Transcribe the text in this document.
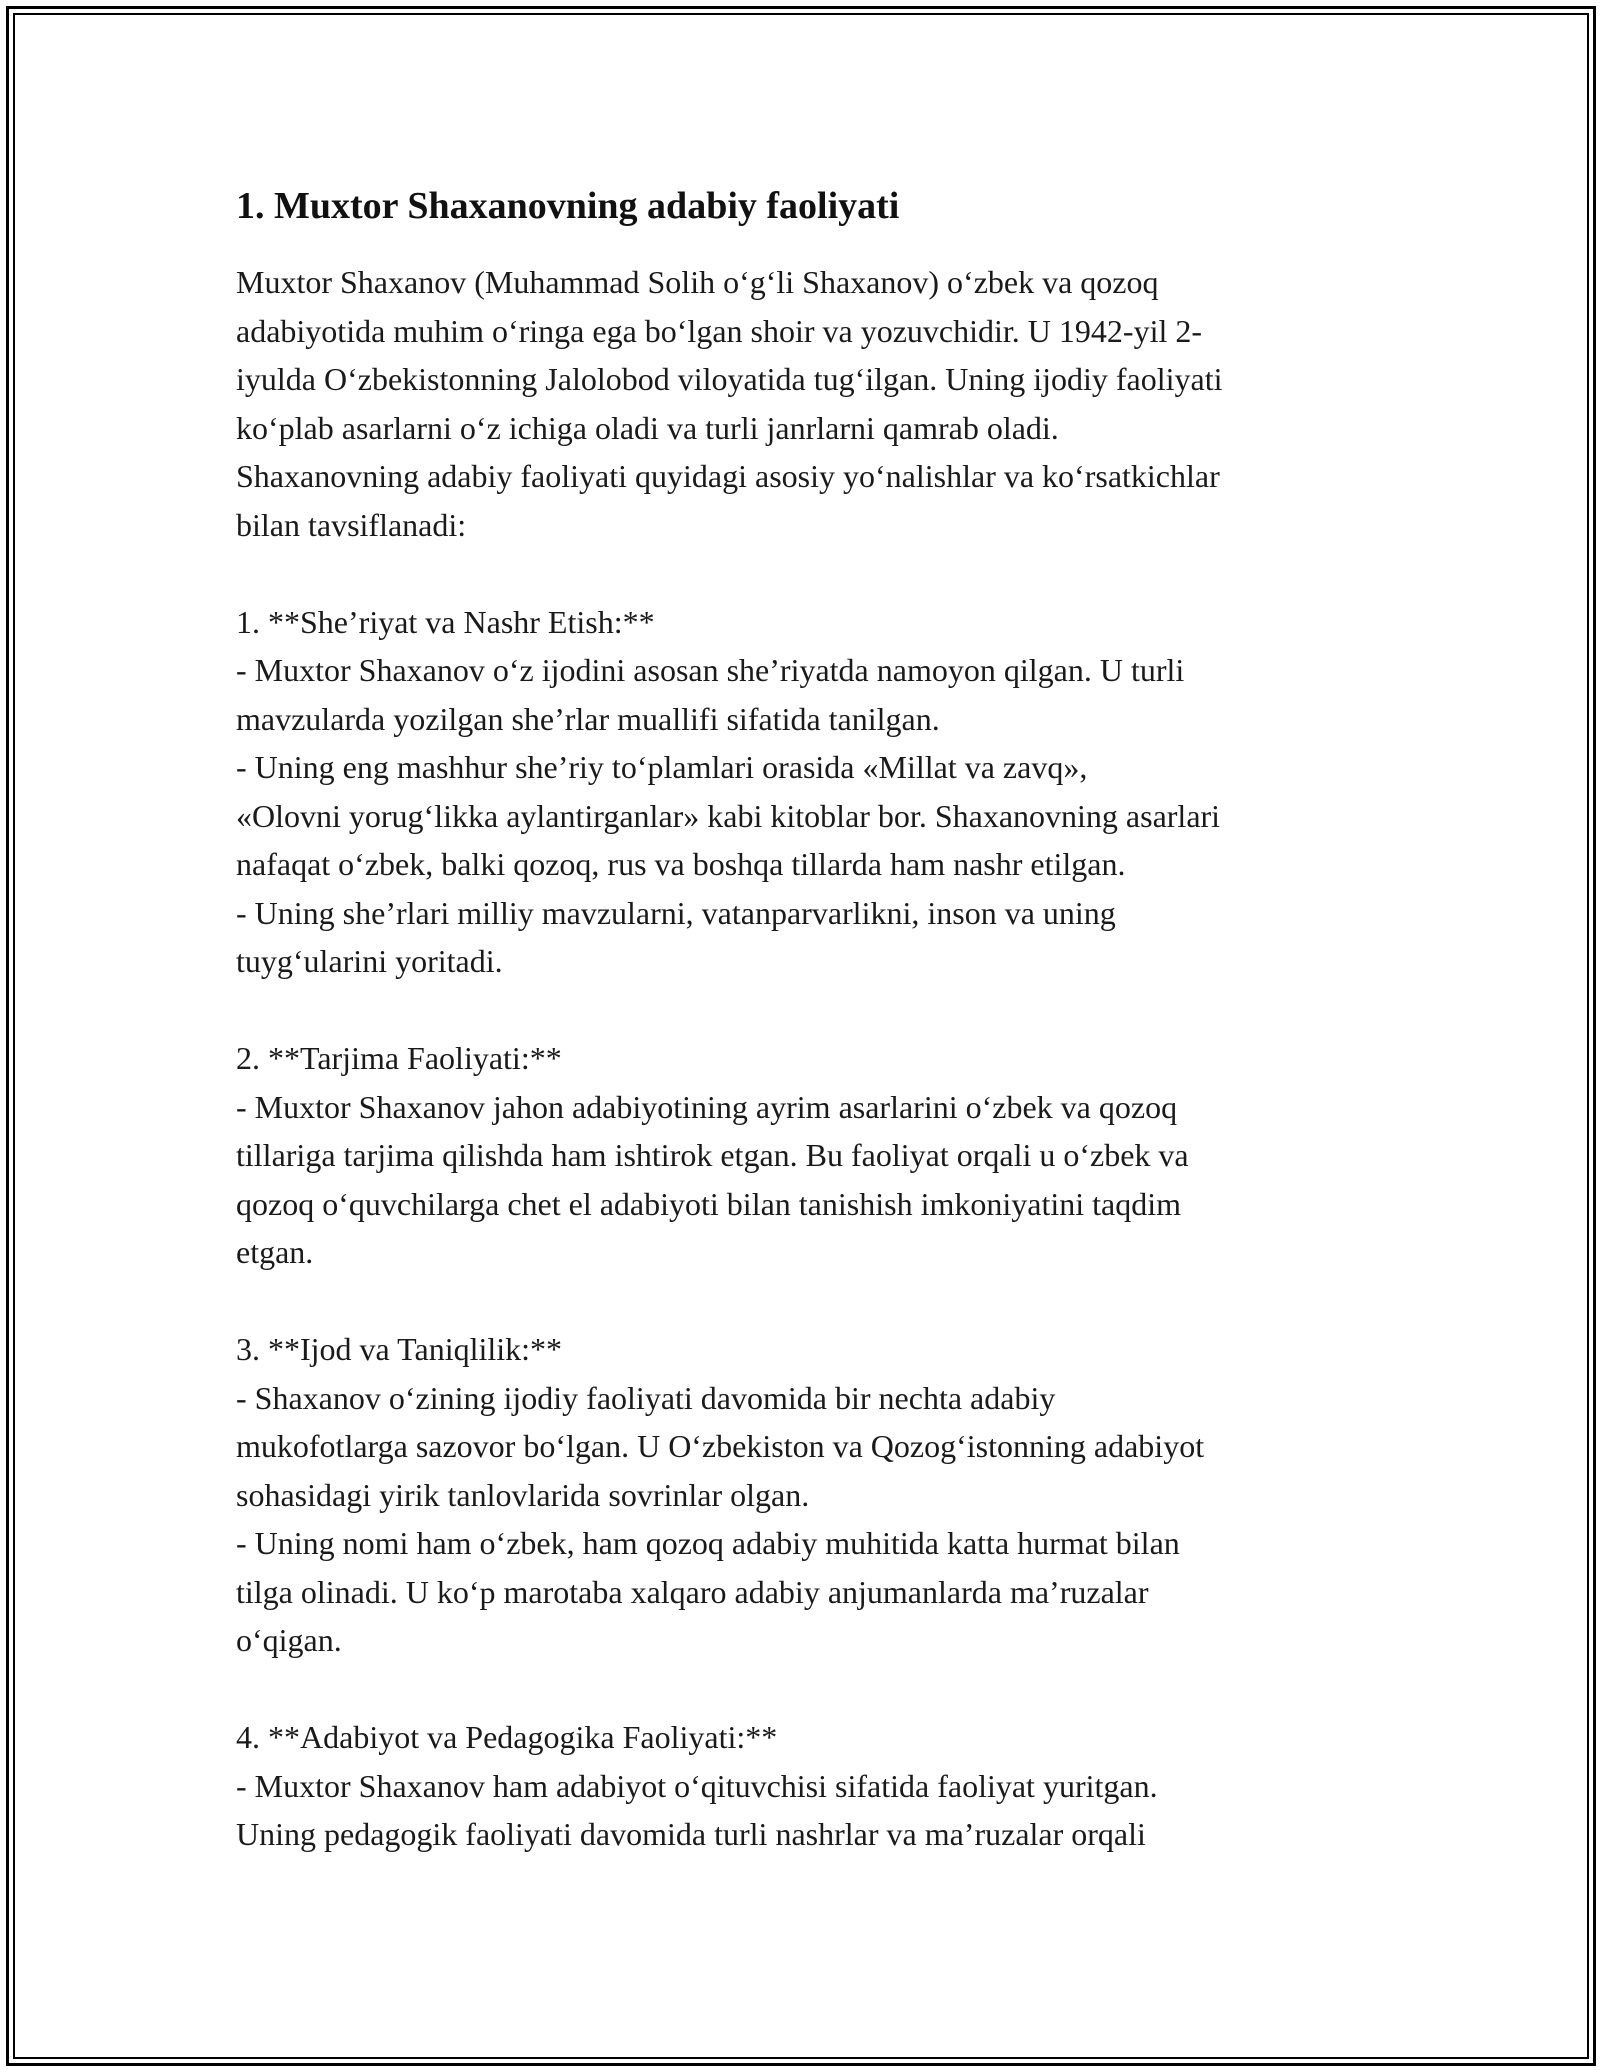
1. Muxtor Shaxanovning adabiy faoliyati

Muxtor Shaxanov (Muhammad Solih oʻgʻli Shaxanov) oʻzbek va qozoq
adabiyotida muhim oʻringa ega boʻlgan shoir va yozuvchidir. U 1942-yil 2-
iyulda Oʻzbekistonning Jalolobod viloyatida tugʻilgan. Uning ijodiy faoliyati
koʻplab asarlarni oʻz ichiga oladi va turli janrlarni qamrab oladi.
Shaxanovning adabiy faoliyati quyidagi asosiy yoʻnalishlar va koʻrsatkichlar
bilan tavsiflanadi:

1. **She’riyat va Nashr Etish:**
- Muxtor Shaxanov oʻz ijodini asosan she’riyatda namoyon qilgan. U turli
mavzularda yozilgan she’rlar muallifi sifatida tanilgan.
- Uning eng mashhur she’riy toʻplamlari orasida «Millat va zavq»,
«Olovni yorugʻlikka aylantirganlar» kabi kitoblar bor. Shaxanovning asarlari
nafaqat oʻzbek, balki qozoq, rus va boshqa tillarda ham nashr etilgan.
- Uning she’rlari milliy mavzularni, vatanparvarlikni, inson va uning
tuygʻularini yoritadi.

2. **Tarjima Faoliyati:**
- Muxtor Shaxanov jahon adabiyotining ayrim asarlarini oʻzbek va qozoq
tillariga tarjima qilishda ham ishtirok etgan. Bu faoliyat orqali u oʻzbek va
qozoq oʻquvchilarga chet el adabiyoti bilan tanishish imkoniyatini taqdim
etgan.

3. **Ijod va Taniqlilik:**
- Shaxanov oʻzining ijodiy faoliyati davomida bir nechta adabiy
mukofotlarga sazovor boʻlgan. U Oʻzbekiston va Qozogʻistonning adabiyot
sohasidagi yirik tanlovlarida sovrinlar olgan.
- Uning nomi ham oʻzbek, ham qozoq adabiy muhitida katta hurmat bilan
tilga olinadi. U koʻp marotaba xalqaro adabiy anjumanlarda ma’ruzalar
oʻqigan.

4. **Adabiyot va Pedagogika Faoliyati:**
- Muxtor Shaxanov ham adabiyot oʻqituvchisi sifatida faoliyat yuritgan.
Uning pedagogik faoliyati davomida turli nashrlar va ma’ruzalar orqali
